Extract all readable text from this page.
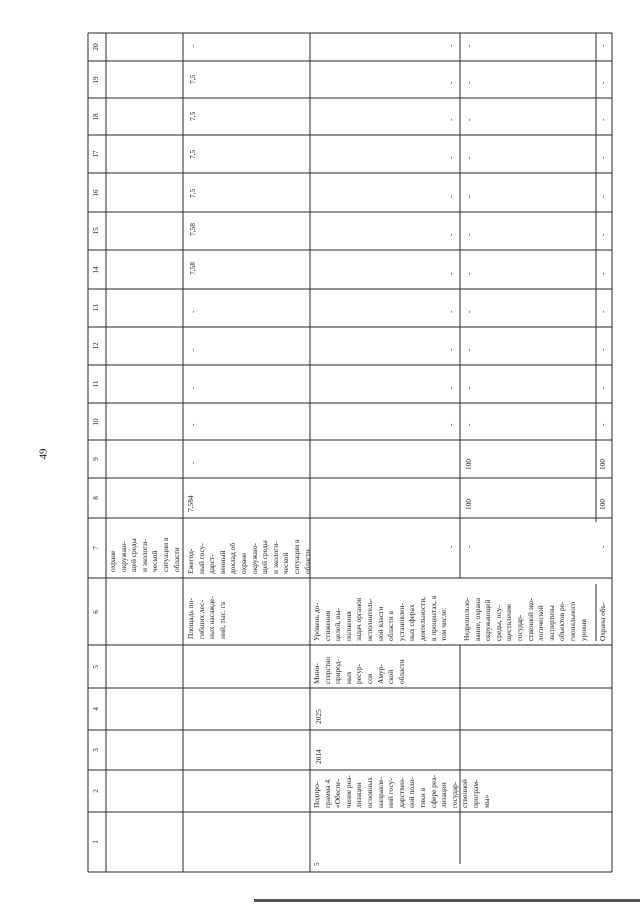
49
1
2
3
4
5
6
7
8
9
10
11
12
13
14
15
16
17
18
19
20
охране окружаю- щей среды и экологи- ческой ситуации в области
Площадь по- гибших лес- ных насажде- ний, тыс. га
Ежегод- ный госу- дарст- венный доклад об охране окружаю- щей среды и экологи- ческой ситуации в области
7,584
-
-
-
-
-
7,58
7,58
7,5
7,5
7,5
7,5
-
5
Подпро- грамма 4. «Обеспе- чение реа- лизации основных направле- ний госу- дарствен- ной поли- тики в сфере реа- лизации государ- ственной програм- мы»
2014
2025
Мини- стерство природ- ных ресур- сов Амур- ской области
Уровень до- стижения целей, вы- полнения задач органов исполнитель- ной власти области в установлен- ных сферах деятельности, в процентах, в том числе:
-
-
-
-
-
-
-
-
-
-
-
-
Недропользо- вание, охрана окружающей среды, осу- ществление государ- ственной эко- логической экспертизы объектов ре- гионального уровня
-
100
100
-
-
-
-
-
-
-
-
-
-
-
Охрана объ-
-
100
100
-
-
-
-
-
-
-
-
-
-
-
